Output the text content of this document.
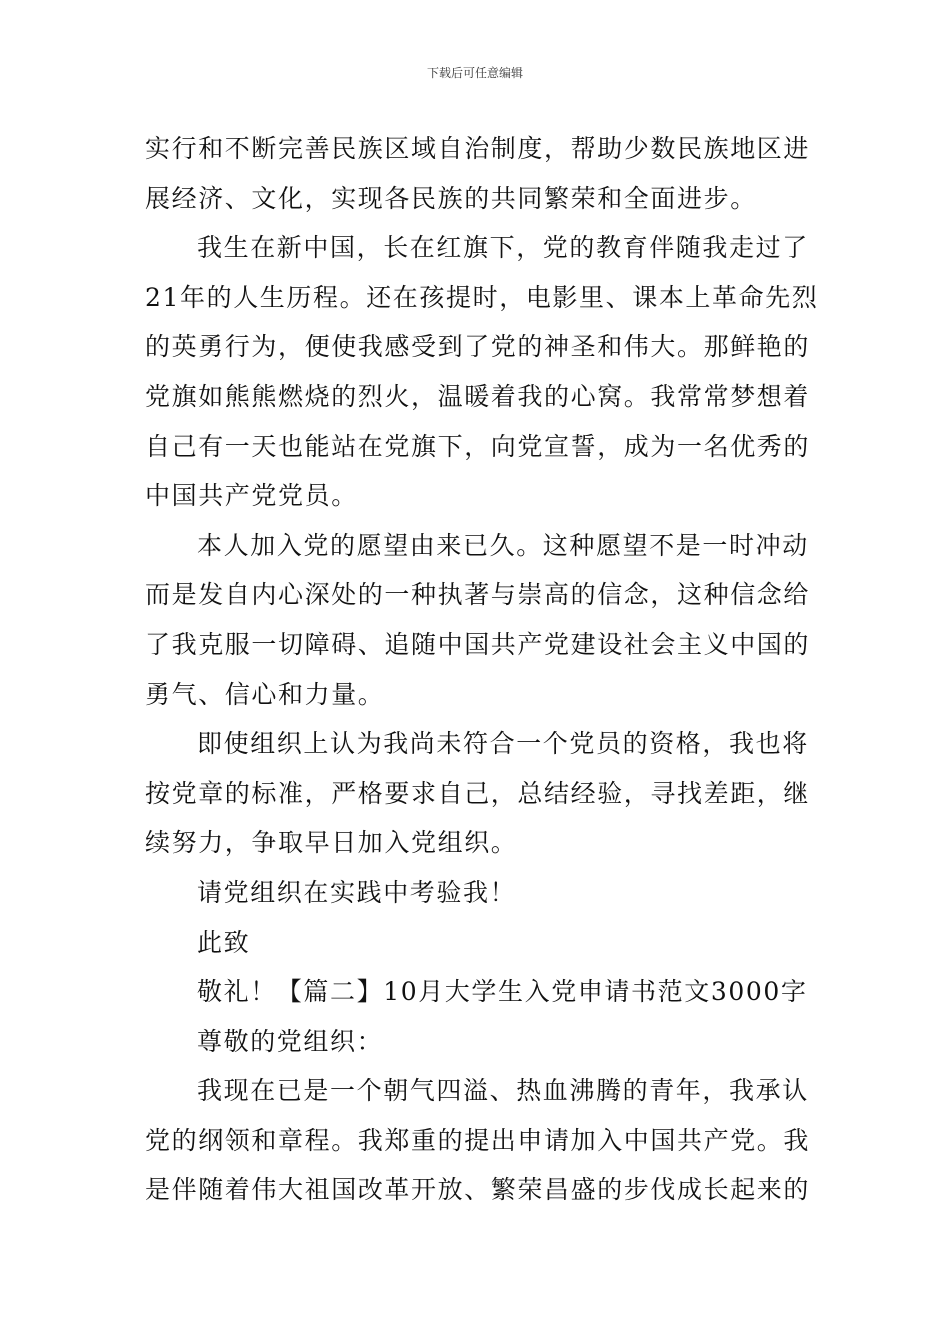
下载后可任意编辑
实行和不断完善民族区域自治制度，帮助少数民族地区进
展经济、文化，实现各民族的共同繁荣和全面进步。
我生在新中国，长在红旗下，党的教育伴随我走过了
21年的人生历程。还在孩提时，电影里、课本上革命先烈
的英勇行为，便使我感受到了党的神圣和伟大。那鲜艳的
党旗如熊熊燃烧的烈火，温暖着我的心窝。我常常梦想着
自己有一天也能站在党旗下，向党宣誓，成为一名优秀的
中国共产党党员。
本人加入党的愿望由来已久。这种愿望不是一时冲动
而是发自内心深处的一种执著与崇高的信念，这种信念给
了我克服一切障碍、追随中国共产党建设社会主义中国的
勇气、信心和力量。
即使组织上认为我尚未符合一个党员的资格，我也将
按党章的标准，严格要求自己，总结经验，寻找差距，继
续努力，争取早日加入党组织。
请党组织在实践中考验我！
此致
敬礼！【篇二】10月大学生入党申请书范文3000字
尊敬的党组织：
我现在已是一个朝气四溢、热血沸腾的青年，我承认
党的纲领和章程。我郑重的提出申请加入中国共产党。我
是伴随着伟大祖国改革开放、繁荣昌盛的步伐成长起来的
